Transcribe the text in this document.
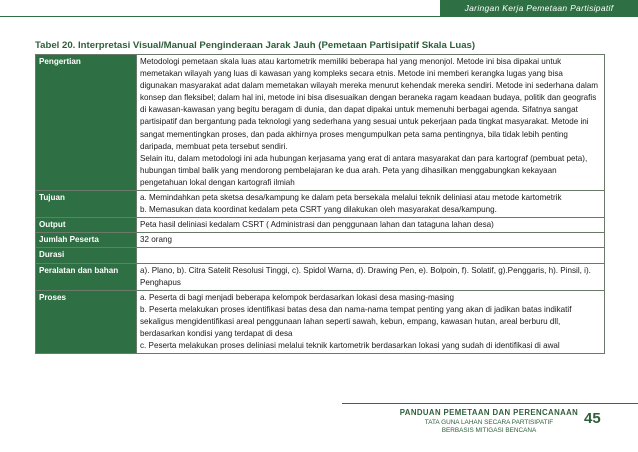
Jaringan Kerja Pemetaan Partisipatif
Tabel 20. Interpretasi Visual/Manual Penginderaan Jarak Jauh (Pemetaan Partisipatif Skala Luas)
Pengertian	Metodologi pemetaan skala luas atau kartometrik memiliki beberapa hal yang menonjol. Metode ini bisa dipakai untuk memetakan wilayah yang luas di kawasan yang kompleks secara etnis. Metode ini memberi kerangka lugas yang bisa digunakan masyarakat adat dalam memetakan wilayah mereka menurut kehendak mereka sendiri. Metode ini sederhana dalam konsep dan fleksibel; dalam hal ini, metode ini bisa disesuaikan dengan beraneka ragam keadaan budaya, politik dan geografis di kawasan-kawasan yang begitu beragam di dunia, dan dapat dipakai untuk memenuhi berbagai agenda. Sifatnya sangat partisipatif dan bergantung pada teknologi yang sederhana yang sesuai untuk pekerjaan pada tingkat masyarakat. Metode ini sangat mementingkan proses, dan pada akhirnya proses mengumpulkan peta sama pentingnya, bila tidak lebih penting daripada, membuat peta tersebut sendiri.
Selain itu, dalam metodologi ini ada hubungan kerjasama yang erat di antara masyarakat dan para kartograf (pembuat peta), hubungan timbal balik yang mendorong pembelajaran ke dua arah. Peta yang dihasilkan menggabungkan kekayaan pengetahuan lokal dengan kartografi ilmiah

Tujuan	a. Memindahkan peta sketsa desa/kampung ke dalam peta bersekala melalui teknik deliniasi atau metode kartometrik
b. Memasukan data koordinat kedalam peta CSRT yang dilakukan oleh masyarakat desa/kampung.

Output	Peta hasil deliniasi kedalam CSRT ( Administrasi dan penggunaan lahan dan tataguna lahan desa)

Jumlah Peserta	32 orang

Durasi	

Peralatan dan bahan	a). Plano, b). Citra Satelit Resolusi Tinggi, c). Spidol Warna, d). Drawing Pen, e). Bolpoin, f). Solatif, g).Penggaris, h). Pinsil, i). Penghapus

Proses	a. Peserta di bagi menjadi beberapa kelompok berdasarkan lokasi desa masing-masing
b. Peserta melakukan proses identifikasi batas desa dan nama-nama tempat penting yang akan di jadikan batas indikatif sekaligus mengidentifikasi areal penggunaan lahan seperti sawah, kebun, empang, kawasan hutan, areal berburu dll, berdasarkan kondisi yang terdapat di desa
c. Peserta melakukan proses deliniasi melalui teknik kartometrik berdasarkan lokasi yang sudah di identifikasi di awal
PANDUAN PEMETAAN DAN PERENCANAAN
TATA GUNA LAHAN SECARA PARTISIPATIF
BERBASIS MITIGASI BENCANA
45
